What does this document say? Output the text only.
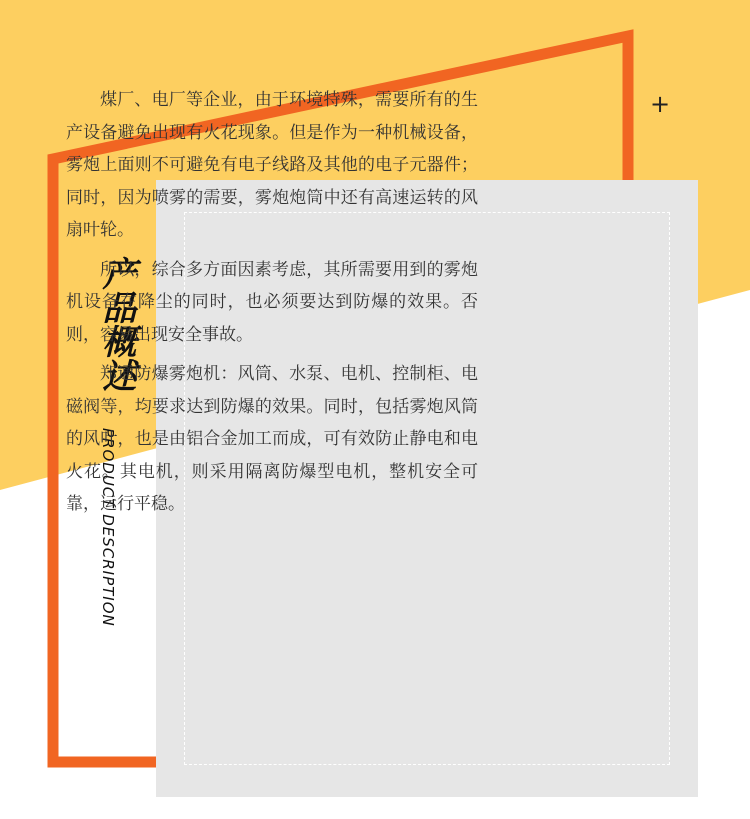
+
产品概述
PRODUCT DESCRIPTION

煤厂、电厂等企业，由于环境特殊，需要所有的生产设备避免出现有火花现象。但是作为一种机械设备，雾炮上面则不可避免有电子线路及其他的电子元器件；同时，因为喷雾的需要，雾炮炮筒中还有高速运转的风扇叶轮。

所以，综合多方面因素考虑，其所需要用到的雾炮机设备在降尘的同时，也必须要达到防爆的效果。否则，容易出现安全事故。

郑通防爆雾炮机：风筒、水泵、电机、控制柜、电磁阀等，均要求达到防爆的效果。同时，包括雾炮风筒的风叶，也是由铝合金加工而成，可有效防止静电和电火花。其电机，则采用隔离防爆型电机，整机安全可靠，运行平稳。
